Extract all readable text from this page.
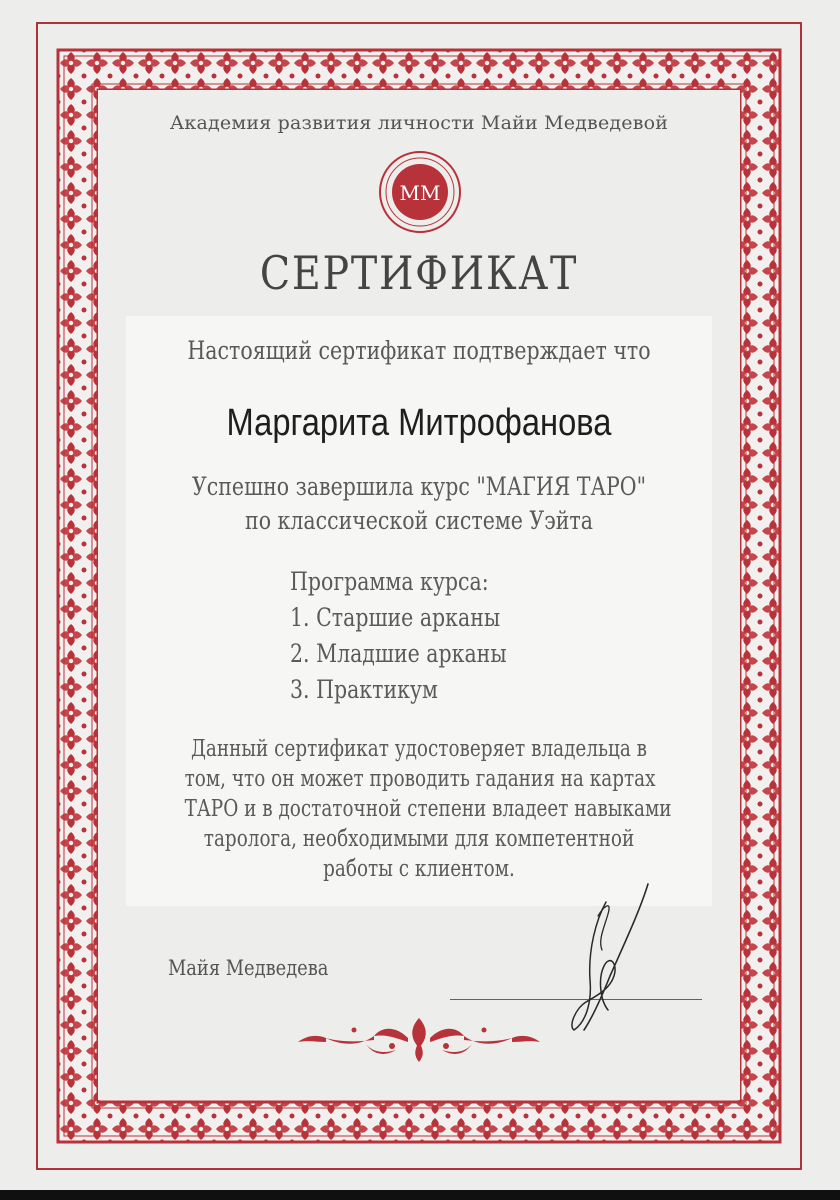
Академия развития личности Майи Медведевой
ММ
СЕРТИФИКАТ
Настоящий сертификат подтверждает что
Маргарита Митрофанова
Успешно завершила курс "МАГИЯ ТАРО"
по классической системе Уэйта
Программа курса:
1. Старшие арканы
2. Младшие арканы
3. Практикум
Данный сертификат удостоверяет владельца в
том, что он может проводить гадания на картах
ТАРО и в достаточной степени владеет навыками
таролога, необходимыми для компетентной
работы с клиентом.
Майя Медведева
